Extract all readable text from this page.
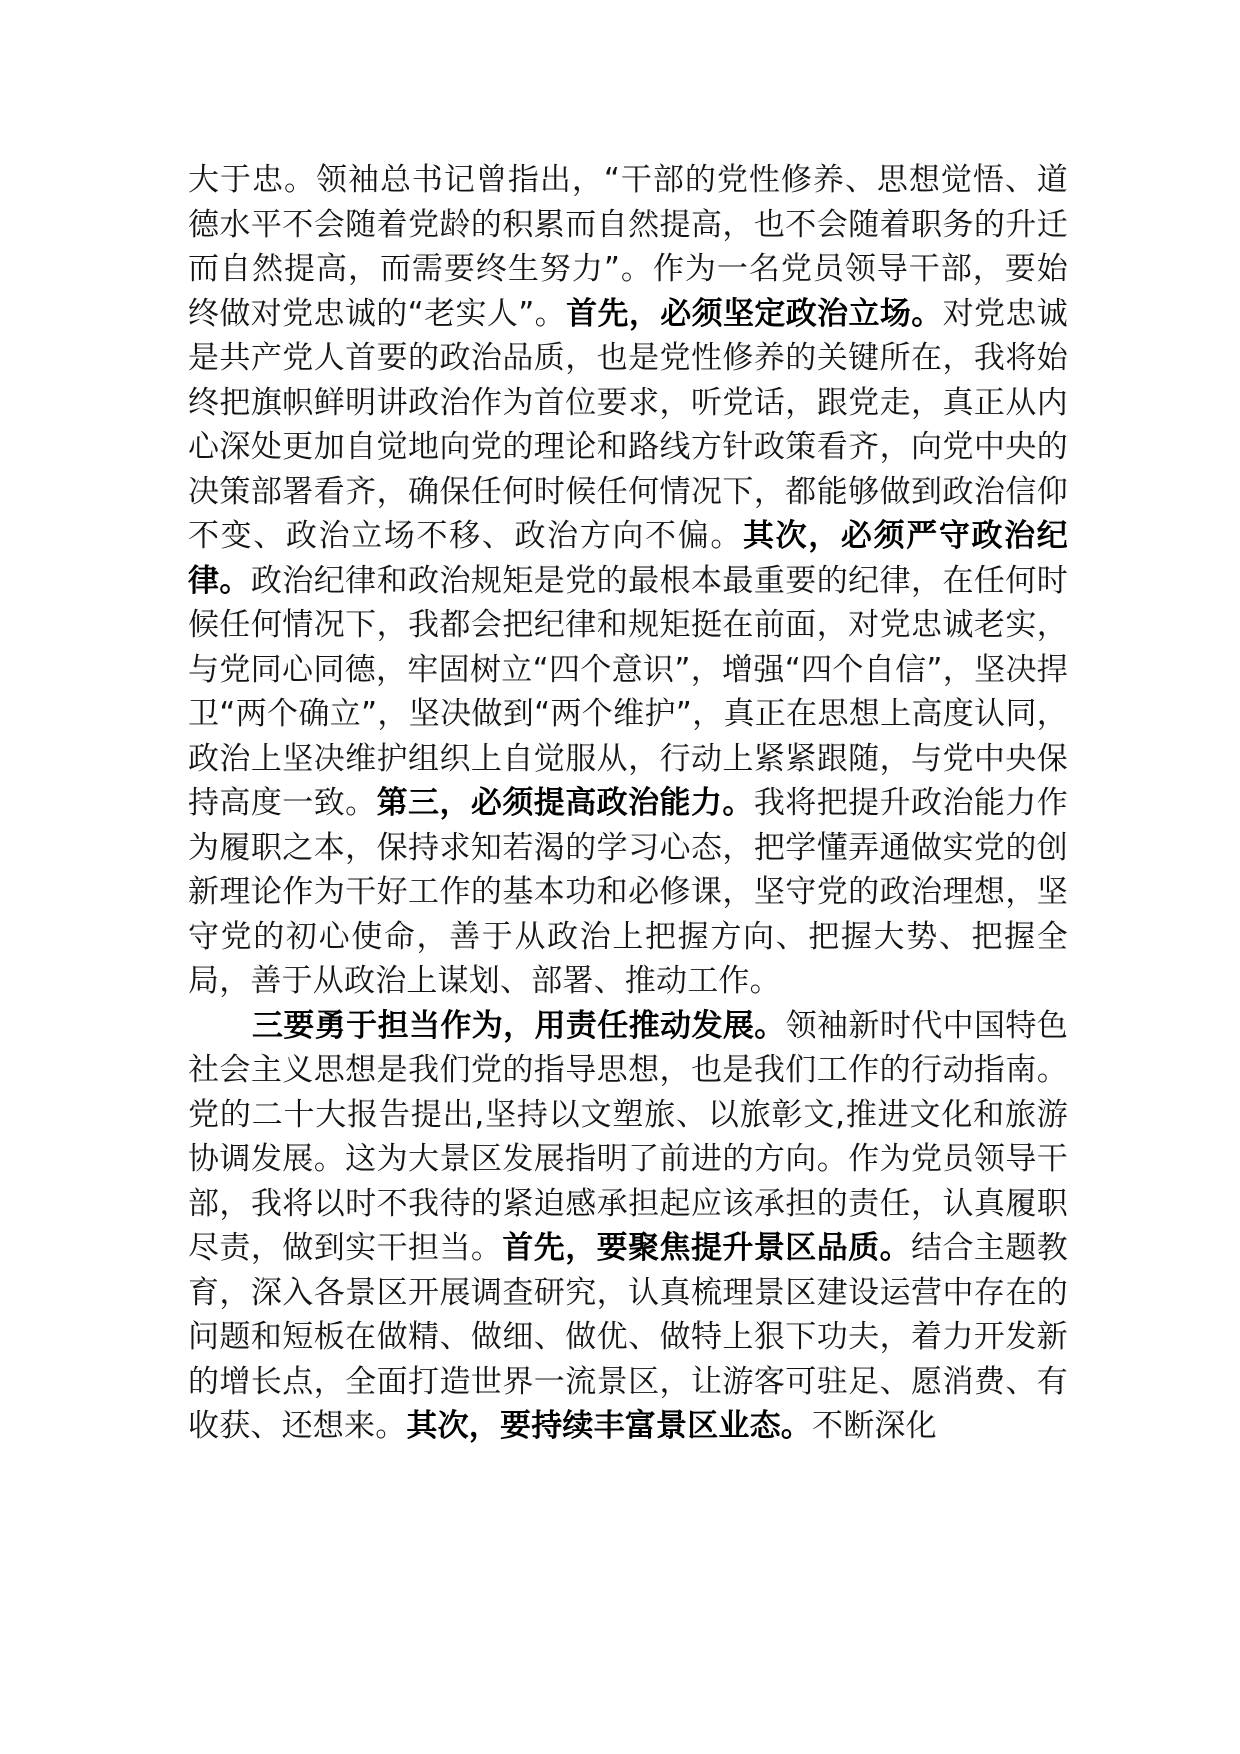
大于忠。领袖总书记曾指出，“干部的党性修养、思想觉悟、道德水平不会随着党龄的积累而自然提高，也不会随着职务的升迁而自然提高，而需要终生努力”。作为一名党员领导干部，要始终做对党忠诚的“老实人”。首先，必须坚定政治立场。对党忠诚是共产党人首要的政治品质，也是党性修养的关键所在，我将始终把旗帜鲜明讲政治作为首位要求，听党话，跟党走，真正从内心深处更加自觉地向党的理论和路线方针政策看齐，向党中央的决策部署看齐，确保任何时候任何情况下，都能够做到政治信仰不变、政治立场不移、政治方向不偏。其次，必须严守政治纪律。政治纪律和政治规矩是党的最根本最重要的纪律，在任何时候任何情况下，我都会把纪律和规矩挺在前面，对党忠诚老实，与党同心同德，牢固树立“四个意识”，增强“四个自信”，坚决捍卫“两个确立”，坚决做到“两个维护”，真正在思想上高度认同，政治上坚决维护组织上自觉服从，行动上紧紧跟随，与党中央保持高度一致。第三，必须提高政治能力。我将把提升政治能力作为履职之本，保持求知若渴的学习心态，把学懂弄通做实党的创新理论作为干好工作的基本功和必修课，坚守党的政治理想，坚守党的初心使命，善于从政治上把握方向、把握大势、把握全局，善于从政治上谋划、部署、推动工作。

三要勇于担当作为，用责任推动发展。领袖新时代中国特色社会主义思想是我们党的指导思想，也是我们工作的行动指南。党的二十大报告提出,坚持以文塑旅、以旅彰文,推进文化和旅游协调发展。这为大景区发展指明了前进的方向。作为党员领导干部，我将以时不我待的紧迫感承担起应该承担的责任，认真履职尽责，做到实干担当。首先，要聚焦提升景区品质。结合主题教育，深入各景区开展调查研究，认真梳理景区建设运营中存在的问题和短板在做精、做细、做优、做特上狠下功夫，着力开发新的增长点，全面打造世界一流景区，让游客可驻足、愿消费、有收获、还想来。其次，要持续丰富景区业态。不断深化
